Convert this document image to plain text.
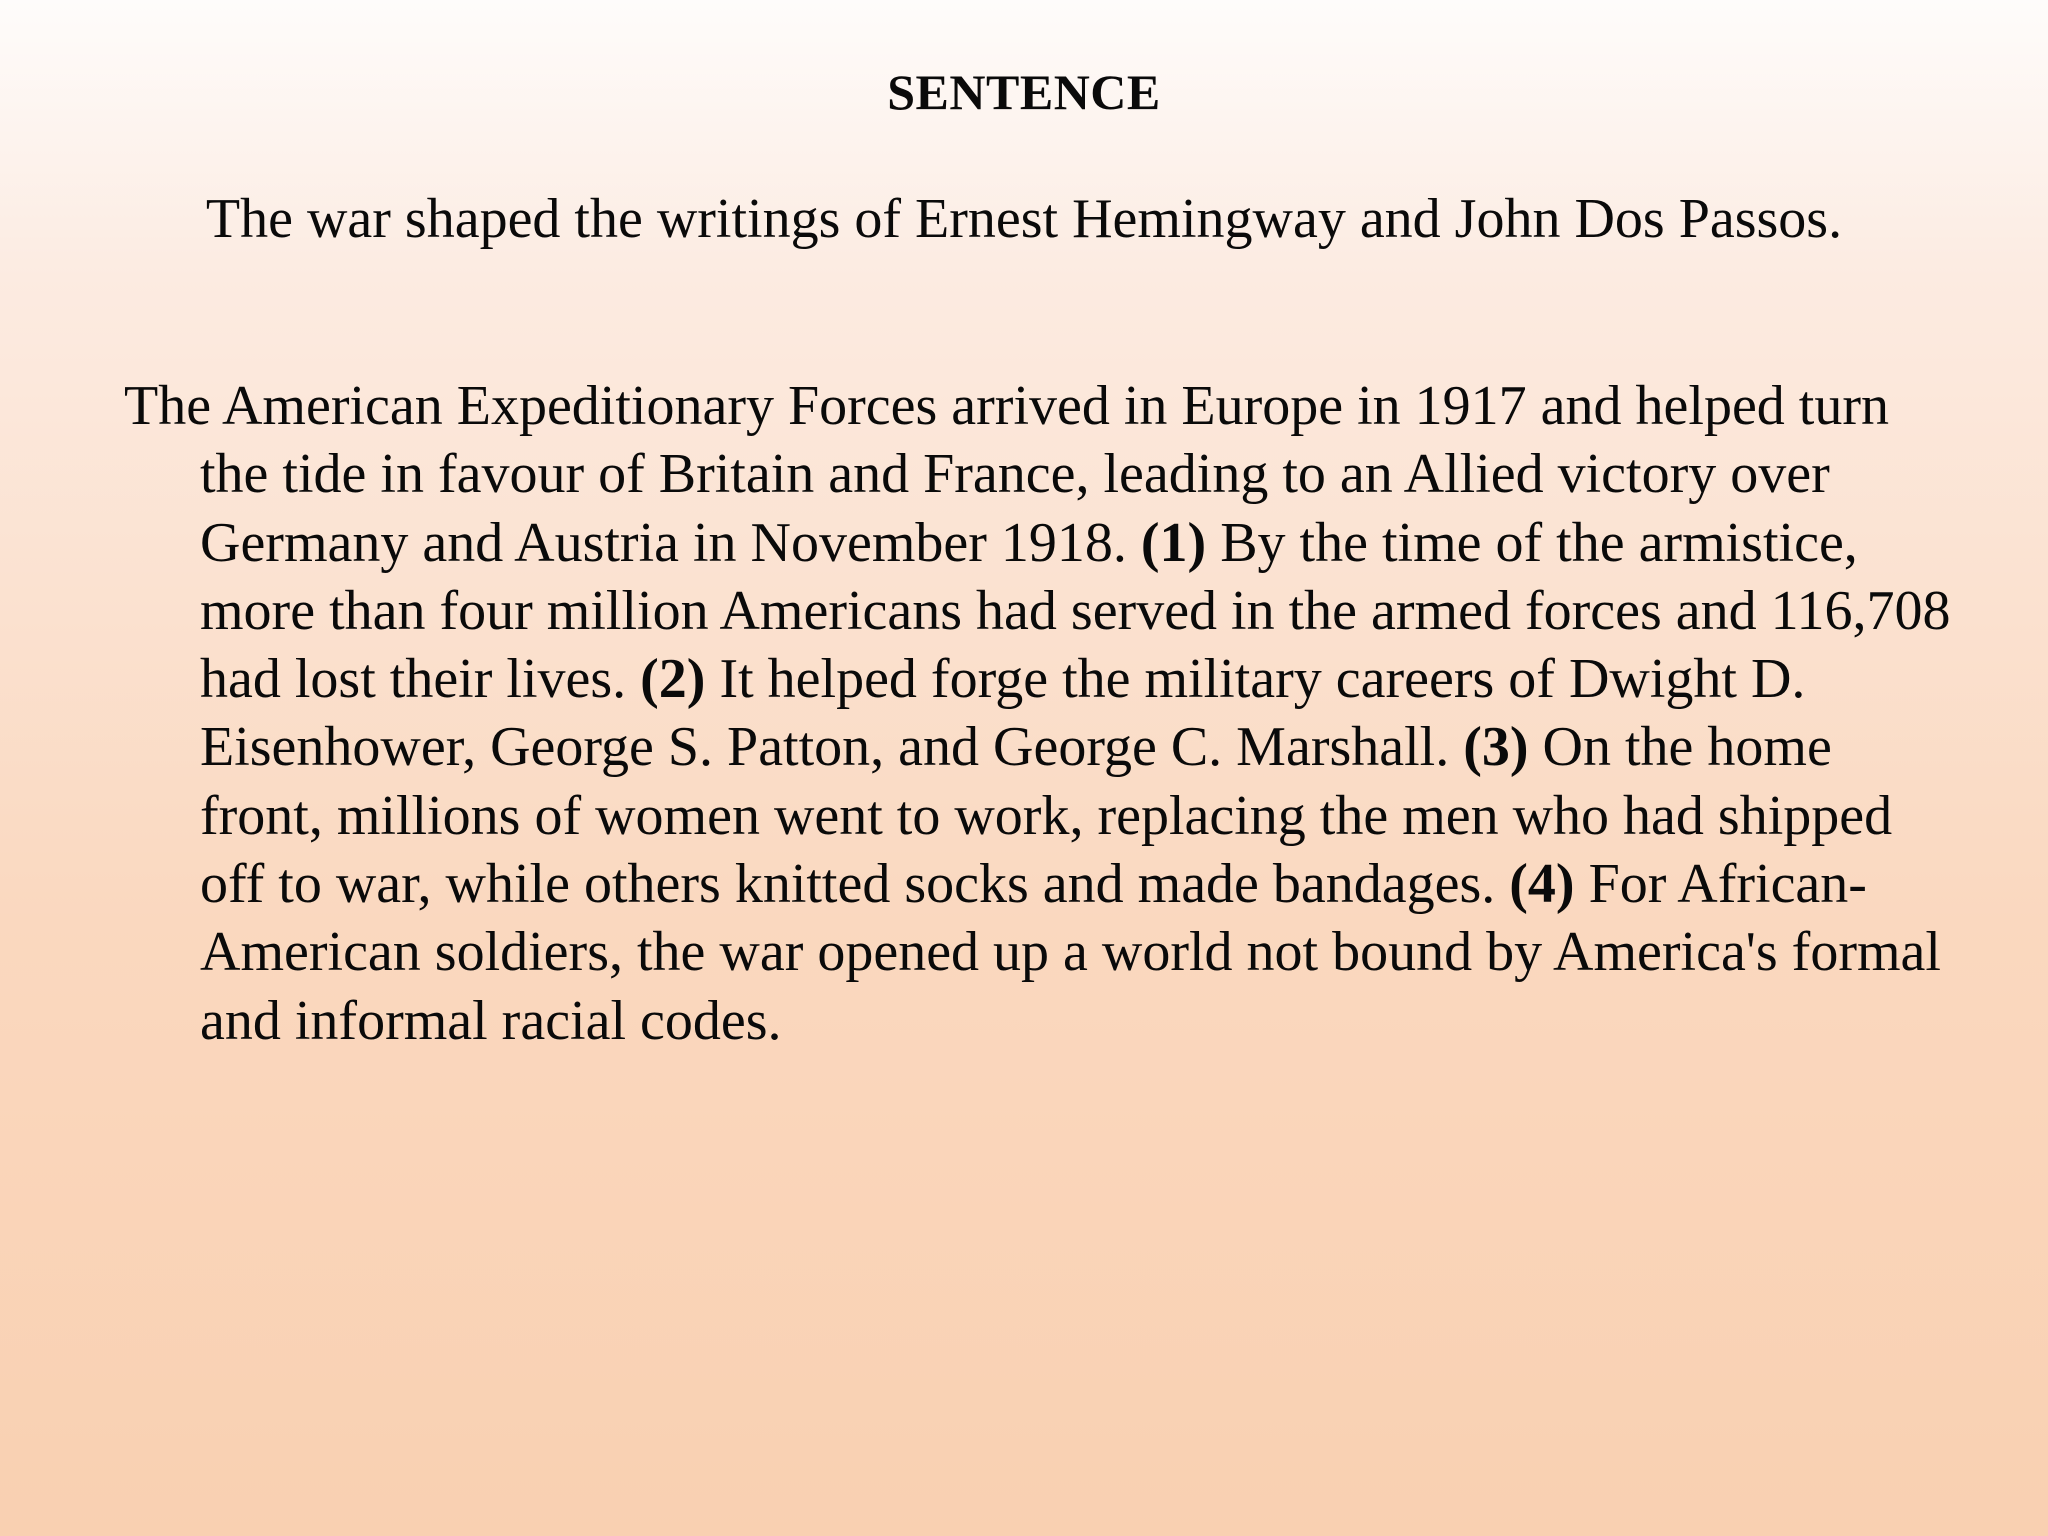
SENTENCE
The war shaped the writings of Ernest Hemingway and John Dos Passos.

The American Expeditionary Forces arrived in Europe in 1917 and helped turn the tide in favour of Britain and France, leading to an Allied victory over Germany and Austria in November 1918. (1) By the time of the armistice, more than four million Americans had served in the armed forces and 116,708 had lost their lives. (2) It helped forge the military careers of Dwight D. Eisenhower, George S. Patton, and George C. Marshall. (3) On the home front, millions of women went to work, replacing the men who had shipped off to war, while others knitted socks and made bandages. (4) For African- American soldiers, the war opened up a world not bound by America's formal and informal racial codes.
